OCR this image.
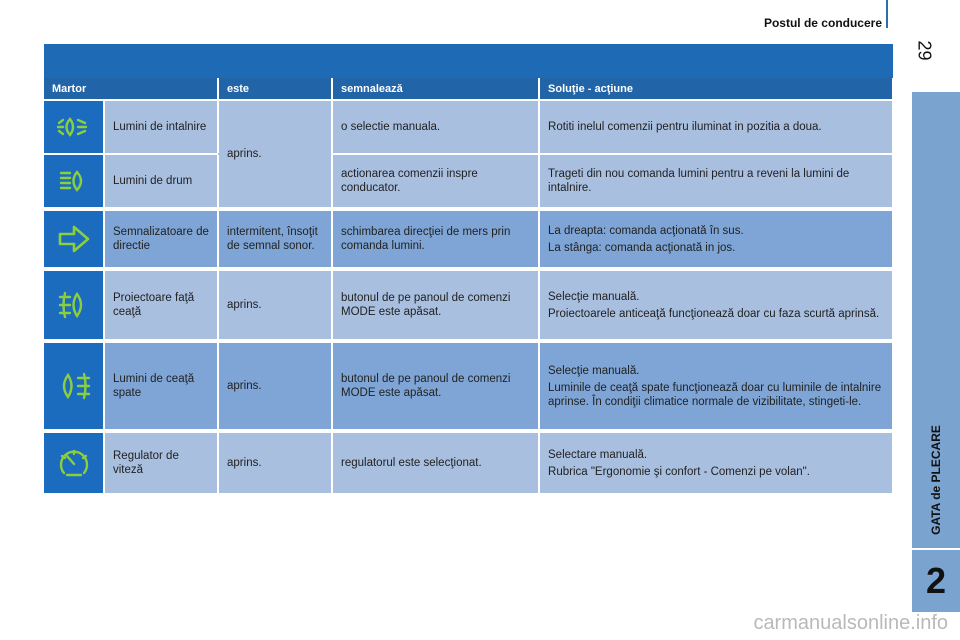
Postul de conducere
29
GATA de PLECARE
2
carmanualsonline.info
Martor		este	semnalează	Soluţie - acţiune

	Lumini de intalnire	aprins.	o selectie manuala.	Rotiti inelul comenzii pentru iluminat in pozitia a doua.

	Lumini de drum		actionarea comenzii inspre conducator.	Trageti din nou comanda lumini pentru a reveni la lumini de intalnire.

	Semnalizatoare de directie	intermitent, însoţit de semnal sonor.	schimbarea direcţiei de mers prin comanda lumini.	La dreapta: comanda acţionată în sus.

La stânga: comanda acţionată in jos.

	Proiectoare faţă ceaţă	aprins.	butonul de pe panoul de comenzi MODE este apăsat.	Selecţie manuală.

Proiectoarele anticeaţă funcţionează doar cu faza scurtă aprinsă.

	Lumini de ceaţă spate	aprins.	butonul de pe panoul de comenzi MODE este apăsat.	Selecţie manuală.

Luminile de ceaţă spate funcţionează doar cu luminile de intalnire aprinse. În condiţii climatice normale de vizibilitate, stingeti-le.

	Regulator de viteză	aprins.	regulatorul este selecţionat.	Selectare manuală.

Rubrica "Ergonomie şi confort - Comenzi pe volan".
